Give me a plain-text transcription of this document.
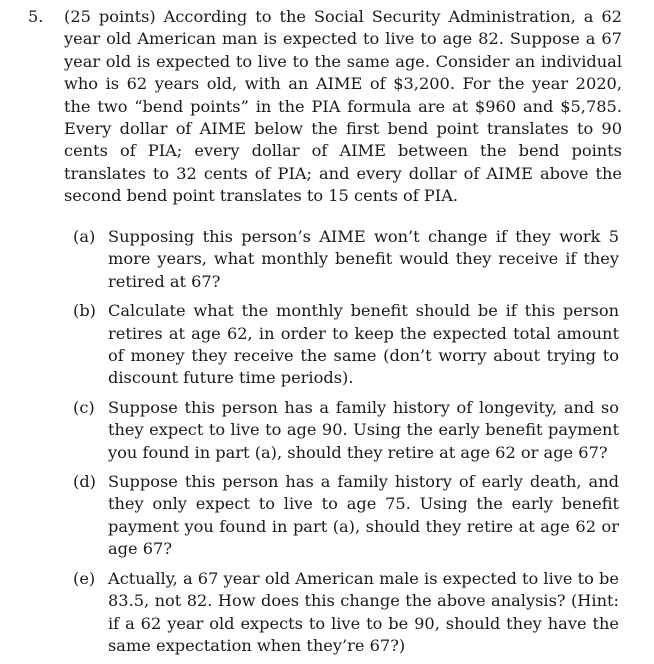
5. (25 points) According to the Social Security Administration, a 62 year old American man is expected to live to age 82. Suppose a 67 year old is expected to live to the same age. Consider an individual who is 62 years old, with an AIME of $3,200. For the year 2020, the two “bend points” in the PIA formula are at $960 and $5,785. Every dollar of AIME below the first bend point translates to 90 cents of PIA; every dollar of AIME between the bend points translates to 32 cents of PIA; and every dollar of AIME above the second bend point translates to 15 cents of PIA.
(a) Supposing this person’s AIME won’t change if they work 5 more years, what monthly benefit would they receive if they retired at 67?
(b) Calculate what the monthly benefit should be if this person retires at age 62, in order to keep the expected total amount of money they receive the same (don’t worry about trying to discount future time periods).
(c) Suppose this person has a family history of longevity, and so they expect to live to age 90. Using the early benefit payment you found in part (a), should they retire at age 62 or age 67?
(d) Suppose this person has a family history of early death, and they only expect to live to age 75. Using the early benefit payment you found in part (a), should they retire at age 62 or age 67?
(e) Actually, a 67 year old American male is expected to live to be 83.5, not 82. How does this change the above analysis? (Hint: if a 62 year old expects to live to be 90, should they have the same expectation when they’re 67?)
